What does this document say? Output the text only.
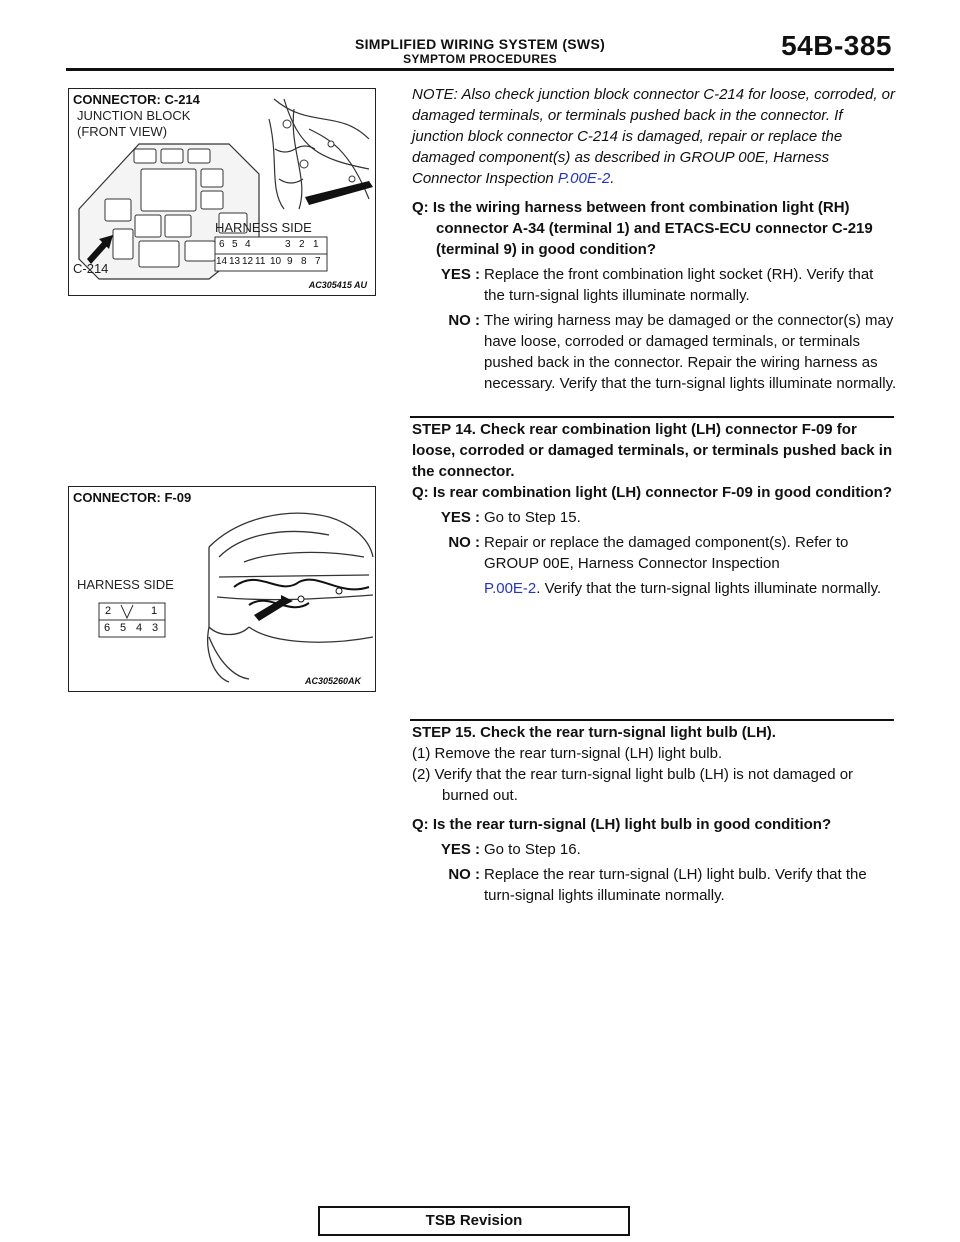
SIMPLIFIED WIRING SYSTEM (SWS)
SYMPTOM PROCEDURES	54B-385
CONNECTOR: C-214
JUNCTION BLOCK
(FRONT VIEW)
HARNESS SIDE
C-214
AC305415 AU
6 5 4	3 2 1
14 13 12 11 10 9 8 7
CONNECTOR: F-09
HARNESS SIDE
AC305260AK
2	1
6 5 4 3

NOTE: Also check junction block connector C-214 for loose, corroded, or damaged terminals, or terminals pushed back in the connector. If junction block connector C-214 is damaged, repair or replace the damaged component(s) as described in GROUP 00E, Harness Connector Inspection P.00E-2.

Q: Is the wiring harness between front combination light (RH) connector A-34 (terminal 1) and ETACS-ECU connector C-219 (terminal 9) in good condition?

YES : Replace the front combination light socket (RH). Verify that the turn-signal lights illuminate normally.
NO : The wiring harness may be damaged or the connector(s) may have loose, corroded or damaged terminals, or terminals pushed back in the connector. Repair the wiring harness as necessary. Verify that the turn-signal lights illuminate normally.

STEP 14. Check rear combination light (LH) connector F-09 for loose, corroded or damaged terminals, or terminals pushed back in the connector.

Q: Is rear combination light (LH) connector F-09 in good condition?

YES : Go to Step 15.
NO : Repair or replace the damaged component(s). Refer to GROUP 00E, Harness Connector Inspection
P.00E-2. Verify that the turn-signal lights illuminate normally.

STEP 15. Check the rear turn-signal light bulb (LH).

(1) Remove the rear turn-signal (LH) light bulb.

(2) Verify that the rear turn-signal light bulb (LH) is not damaged or burned out.

Q: Is the rear turn-signal (LH) light bulb in good condition?

YES : Go to Step 16.
NO : Replace the rear turn-signal (LH) light bulb. Verify that the turn-signal lights illuminate normally.
TSB Revision
